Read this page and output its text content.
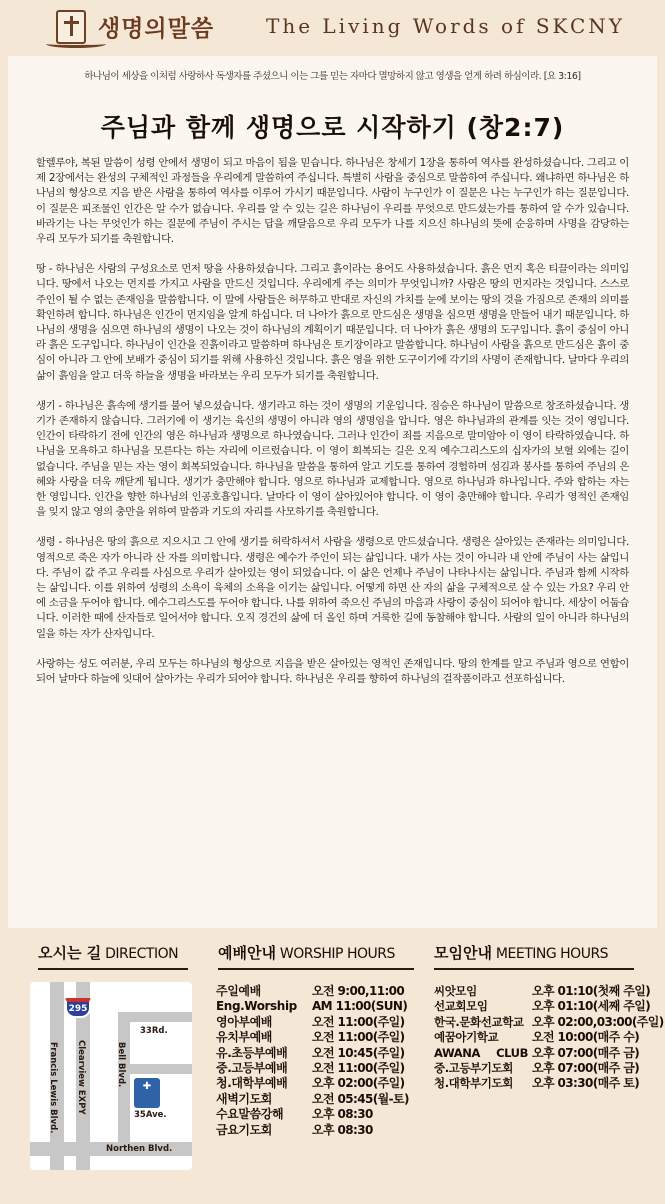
생명의말씀	The Living Words of SKCNY
하나님이 세상을 이처럼 사랑하사 독생자를 주셨으니 이는 그를 믿는 자마다 멸망하지 않고 영생을 얻게 하려 하심이라. [요 3:16]
주님과 함께 생명으로 시작하기 (창2:7)

할렐루야, 복된 말씀이 성령 안에서 생명이 되고 마음이 됨을 믿습니다. 하나님은 창세기 1장을 통하여 역사를 완성하셨습니다. 그리고 이제 2장에서는 완성의 구체적인 과정들을 우리에게 말씀하여 주십니다. 특별히 사람을 중심으로 말씀하여 주십니다. 왜냐하면 하나님은 하나님의 형상으로 지음 받은 사람을 통하여 역사를 이루어 가시기 때문입니다. 사람이 누구인가 이 질문은 나는 누구인가 하는 질문입니다. 이 질문은 피조물인 인간은 알 수가 없습니다. 우리를 알 수 있는 길은 하나님이 우리를 무엇으로 만드셨는가를 통하여 알 수가 있습니다. 바라기는 나는 무엇인가 하는 질문에 주님이 주시는 답을 깨달음으로 우리 모두가 나를 지으신 하나님의 뜻에 순응하며 사명을 감당하는 우리 모두가 되기를 축원합니다.

땅 - 하나님은 사람의 구성요소로 먼저 땅을 사용하셨습니다. 그리고 흙이라는 용어도 사용하셨습니다. 흙은 먼지 혹은 티끌이라는 의미입니다. 땅에서 나오는 먼지를 가지고 사람을 만드신 것입니다. 우리에게 주는 의미가 무엇입니까? 사람은 땅의 먼지라는 것입니다. 스스로 주인이 될 수 없는 존재임을 말씀합니다. 이 말에 사람들은 허무하고 반대로 자신의 가치를 눈에 보이는 땅의 것을 가짐으로 존재의 의미를 확인하려 합니다. 하나님은 인간이 먼지임을 알게 하십니다. 더 나아가 흙으로 만드심은 생명을 심으면 생명을 만들어 내기 때문입니다. 하나님의 생명을 심으면 하나님의 생명이 나오는 것이 하나님의 계획이기 때문입니다. 더 나아가 흙은 생명의 도구입니다. 흙이 중심이 아니라 흙은 도구입니다. 하나님이 인간을 진흙이라고 말씀하며 하나님은 토기장이라고 말씀합니다. 하나님이 사람을 흙으로 만드심은 흙이 중심이 아니라 그 안에 보배가 중심이 되기를 위해 사용하신 것입니다. 흙은 영을 위한 도구이기에 각기의 사명이 존재합니다. 날마다 우리의 삶이 흙임을 알고 더욱 하늘을 생명을 바라보는 우리 모두가 되기를 축원합니다.

생기 - 하나님은 흙속에 생기를 불어 넣으셨습니다. 생기라고 하는 것이 생명의 기운입니다. 짐승은 하나님이 말씀으로 창조하셨습니다. 생기가 존재하지 않습니다. 그러기에 이 생기는 육신의 생명이 아니라 영의 생명임을 압니다. 영은 하나님과의 관계를 잇는 것이 영입니다. 인간이 타락하기 전에 인간의 영은 하나님과 생명으로 하나였습니다. 그러나 인간이 죄를 지음으로 말미암아 이 영이 타락하였습니다. 하나님을 모욕하고 하나님을 모른다는 하는 자리에 이르렀습니다. 이 영이 회복되는 길은 오직 예수그리스도의 십자가의 보혈 외에는 길이 없습니다. 주님을 믿는 자는 영이 회복되었습니다. 하나님을 말씀을 통하여 알고 기도를 통하여 경험하며 섬김과 봉사를 통하여 주님의 은혜와 사랑을 더욱 깨닫게 됩니다. 생기가 충만해야 합니다. 영으로 하나님과 교제합니다. 영으로 하나님과 하나입니다. 주와 합하는 자는 한 영입니다. 인간을 향한 하나님의 인공호흡입니다. 날마다 이 영이 살아있어야 합니다. 이 영이 충만해야 합니다. 우리가 영적인 존재임을 잊지 않고 영의 충만을 위하여 말씀과 기도의 자리를 사모하기를 축원합니다.

생령 - 하나님은 땅의 흙으로 지으시고 그 안에 생기를 허락하셔서 사람을 생령으로 만드셨습니다. 생령은 살아있는 존재라는 의미입니다. 영적으로 죽은 자가 아니라 산 자를 의미합니다. 생령은 예수가 주인이 되는 삶입니다. 내가 사는 것이 아니라 내 안에 주님이 사는 삶입니다. 주님이 값 주고 우리를 사심으로 우리가 살아있는 영이 되었습니다. 이 삶은 언제나 주님이 나타나시는 삶입니다. 주님과 함께 시작하는 삶입니다. 이를 위하여 성령의 소욕이 육체의 소욕을 이기는 삶입니다. 어떻게 하면 산 자의 삶을 구체적으로 살 수 있는 가요? 우리 안에 소금을 두어야 합니다. 예수그리스도를 두어야 합니다. 나를 위하여 죽으신 주님의 마음과 사랑이 중심이 되어야 합니다. 세상이 어둡습니다. 이러한 때에 산자들로 일어서야 합니다. 오직 경건의 삶에 더 올인 하며 거룩한 길에 동참해야 합니다. 사람의 일이 아니라 하나님의 일을 하는 자가 산자입니다.

사랑하는 성도 여러분, 우리 모두는 하나님의 형상으로 지음을 받은 살아있는 영적인 존재입니다. 땅의 한계를 알고 주님과 영으로 연합이 되어 날마다 하늘에 잇대어 살아가는 우리가 되어야 합니다. 하나님은 우리를 향하여 하나님의 걸작품이라고 선포하십니다.

오시는 길 DIRECTION
295
Francis Lewis Blvd. Clearview EXPY	Bell Blvd.
33Rd.
✚
35Ave.
Northen Blvd.
예배안내 WORSHIP HOURS
주일예배	오전 9:00,11:00
Eng.Worship	AM 11:00(SUN)
영아부예배	오전 11:00(주일)
유치부예배	오전 11:00(주일)
유.초등부예배	오전 10:45(주일)
중.고등부예배	오전 11:00(주일)
청.대학부예배	오후 02:00(주일)
새벽기도회	오전 05:45(월-토)
수요말씀강해	오후 08:30
금요기도회	오후 08:30
모임안내 MEETING HOURS
씨앗모임	오후 01:10(첫째 주일)
선교회모임	오후 01:10(세째 주일)
한국.문화선교학교 오후 02:00,03:00(주일)
예꿈아기학교	오전 10:00(매주 수)
AWANA CLUB 오후 07:00(매주 금)
중.고등부기도회	오후 07:00(매주 금)
청.대학부기도회	오후 03:30(매주 토)
